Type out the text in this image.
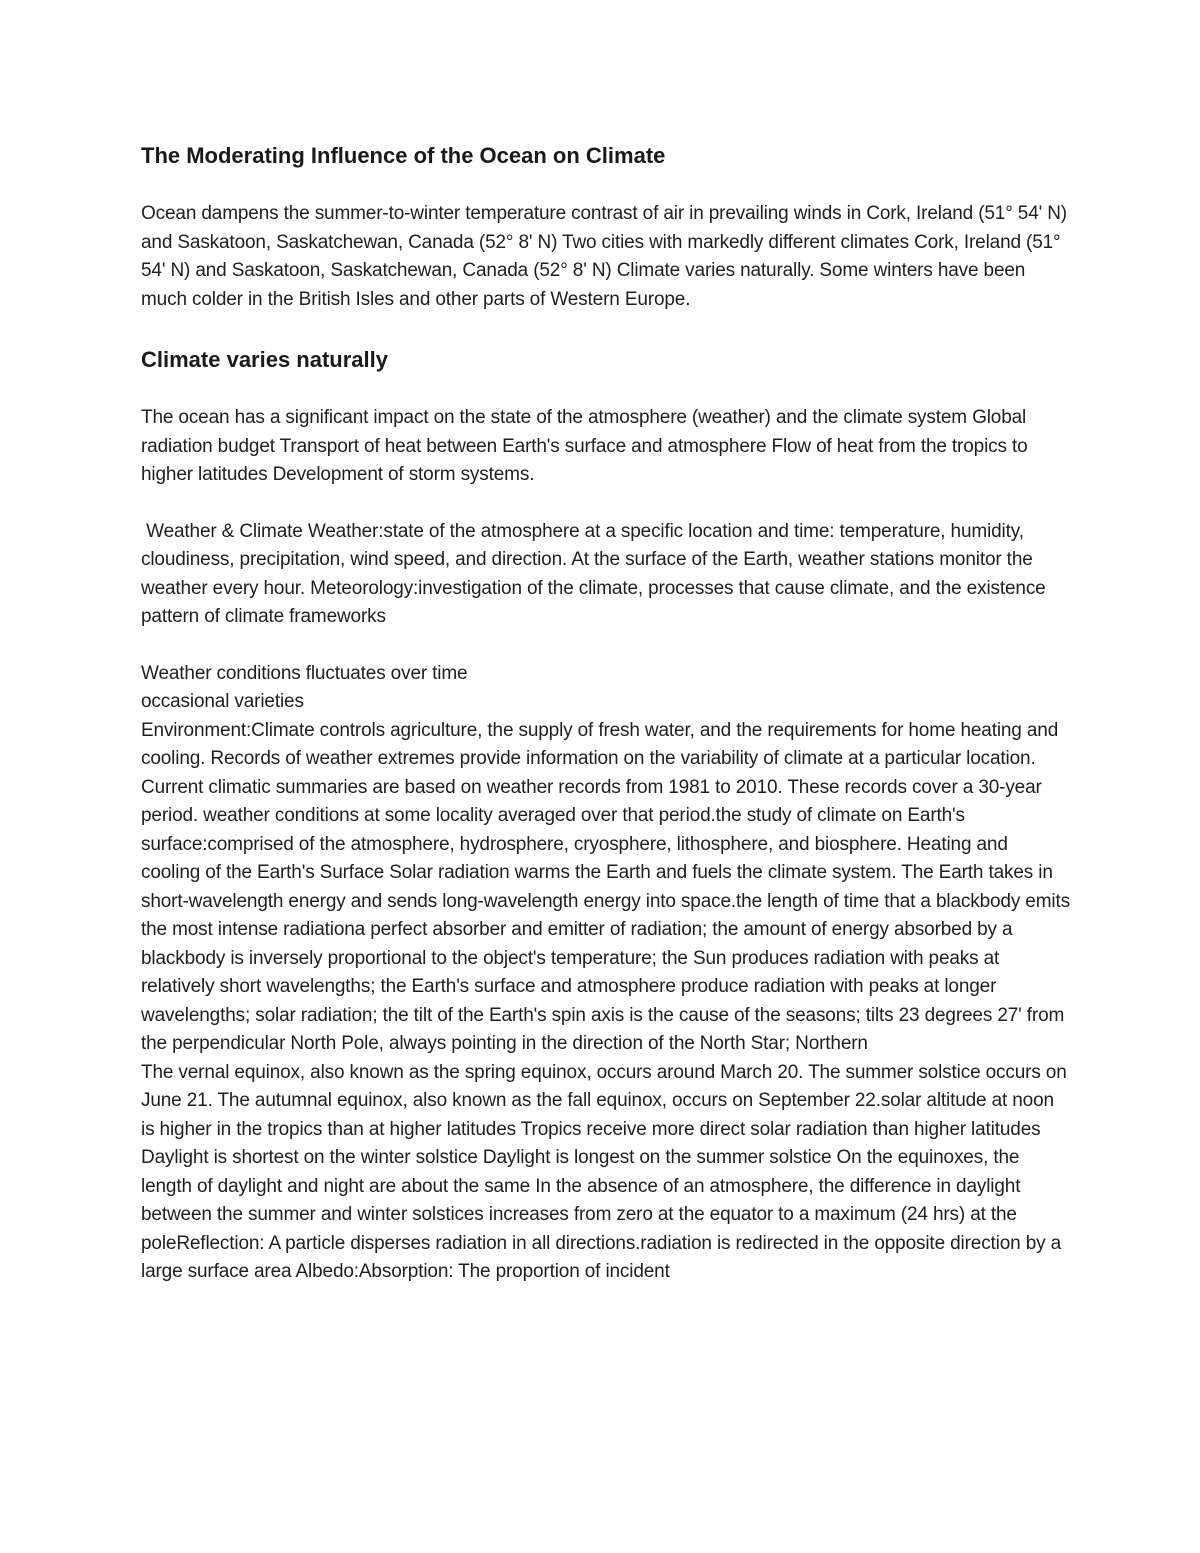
The Moderating Influence of the Ocean on Climate

Ocean dampens the summer-to-winter temperature contrast of air in prevailing winds in Cork, Ireland (51° 54' N) and Saskatoon, Saskatchewan, Canada (52° 8' N) Two cities with markedly different climates Cork, Ireland (51° 54' N) and Saskatoon, Saskatchewan, Canada (52° 8' N) Climate varies naturally. Some winters have been much colder in the British Isles and other parts of Western Europe.

Climate varies naturally

The ocean has a significant impact on the state of the atmosphere (weather) and the climate system Global radiation budget Transport of heat between Earth's surface and atmosphere Flow of heat from the tropics to higher latitudes Development of storm systems.

Weather & Climate Weather:state of the atmosphere at a specific location and time: temperature, humidity, cloudiness, precipitation, wind speed, and direction. At the surface of the Earth, weather stations monitor the weather every hour. Meteorology:investigation of the climate, processes that cause climate, and the existence pattern of climate frameworks

Weather conditions fluctuates over time

occasional varieties

Environment:Climate controls agriculture, the supply of fresh water, and the requirements for home heating and cooling. Records of weather extremes provide information on the variability of climate at a particular location. Current climatic summaries are based on weather records from 1981 to 2010. These records cover a 30-year period. weather conditions at some locality averaged over that period.the study of climate on Earth's surface:comprised of the atmosphere, hydrosphere, cryosphere, lithosphere, and biosphere. Heating and cooling of the Earth's Surface Solar radiation warms the Earth and fuels the climate system. The Earth takes in short-wavelength energy and sends long-wavelength energy into space.the length of time that a blackbody emits the most intense radiationa perfect absorber and emitter of radiation; the amount of energy absorbed by a blackbody is inversely proportional to the object's temperature; the Sun produces radiation with peaks at relatively short wavelengths; the Earth's surface and atmosphere produce radiation with peaks at longer wavelengths; solar radiation; the tilt of the Earth's spin axis is the cause of the seasons; tilts 23 degrees 27' from the perpendicular North Pole, always pointing in the direction of the North Star; Northern

The vernal equinox, also known as the spring equinox, occurs around March 20. The summer solstice occurs on June 21. The autumnal equinox, also known as the fall equinox, occurs on September 22.solar altitude at noon is higher in the tropics than at higher latitudes Tropics receive more direct solar radiation than higher latitudes Daylight is shortest on the winter solstice Daylight is longest on the summer solstice On the equinoxes, the length of daylight and night are about the same In the absence of an atmosphere, the difference in daylight between the summer and winter solstices increases from zero at the equator to a maximum (24 hrs) at the poleReflection: A particle disperses radiation in all directions.radiation is redirected in the opposite direction by a large surface area Albedo:Absorption: The proportion of incident
